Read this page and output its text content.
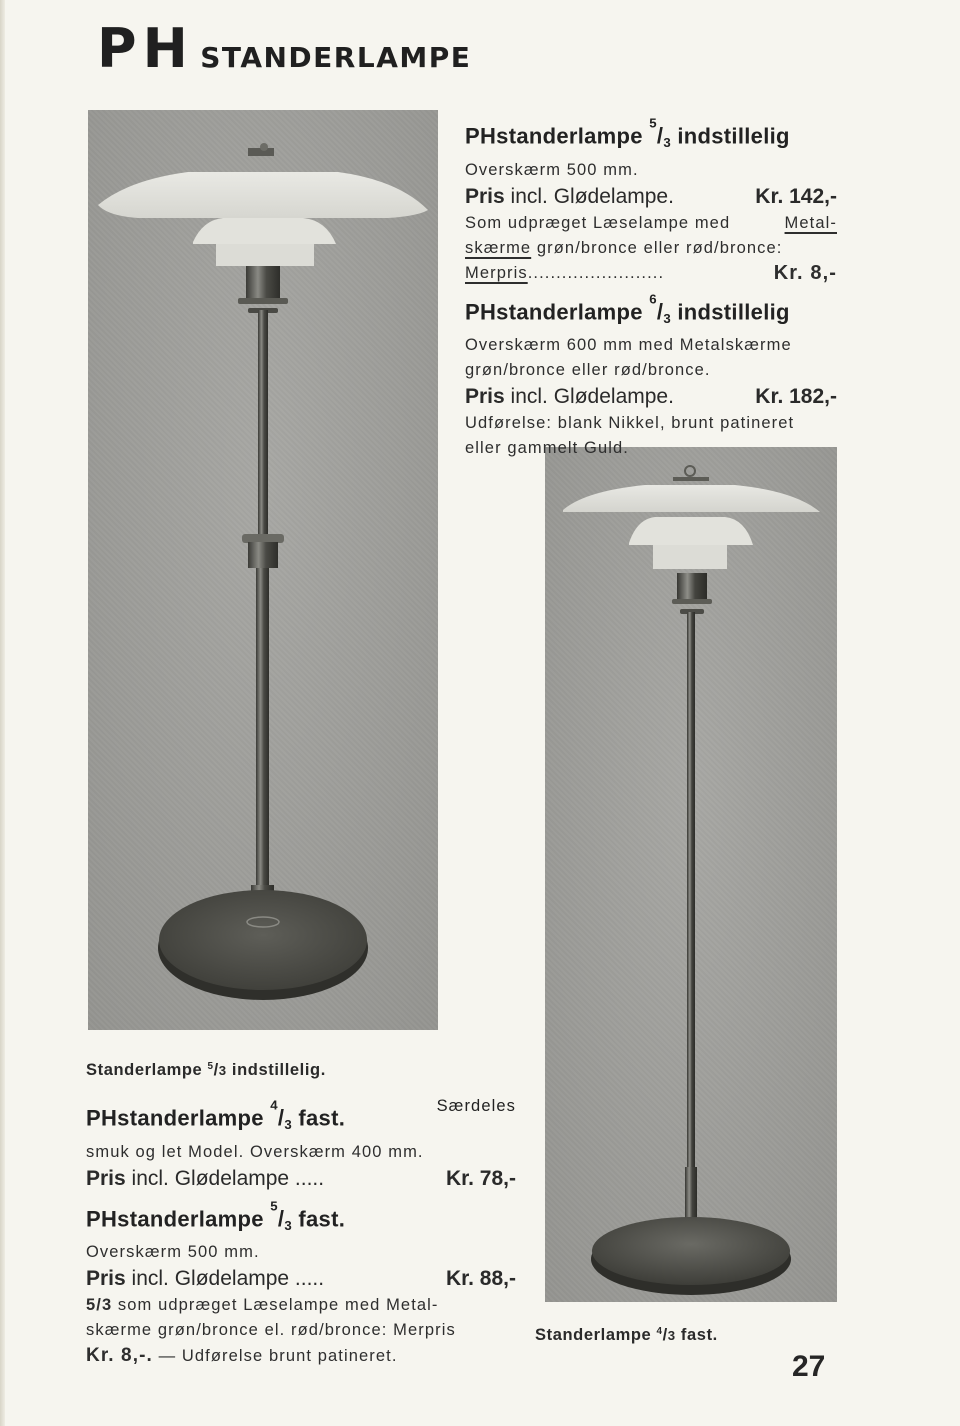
PH STANDERLAMPE
PHstanderlampe $^5/_3$ indstillelig
Overskærm 500 mm.
Pris incl. Glødelampe.	Kr. 142,-
Som udpræget Læselampe med	Metal-
skærme grøn/bronce eller rød/bronce:
Merpris........................	Kr. 8,-
PHstanderlampe $^6/_3$ indstillelig
Overskærm 600 mm med Metalskærme
grøn/bronce eller rød/bronce.
Pris incl. Glødelampe.	Kr. 182,-
Udførelse: blank Nikkel, brunt patineret
eller gammelt Guld.
Standerlampe $^5$/3 indstillelig.
PHstanderlampe $^4/_3$ fast.	Særdeles
smuk og let Model. Overskærm 400 mm.
Pris incl. Glødelampe .....	Kr. 78,-
PHstanderlampe $^5/_3$ fast.
Overskærm 500 mm.
Pris incl. Glødelampe .....	Kr. 88,-
5/3 som udpræget Læselampe med Metal-
skærme grøn/bronce el. rød/bronce: Merpris
Kr. 8,-. — Udførelse brunt patineret.
Standerlampe $^4$/3 fast.
27
